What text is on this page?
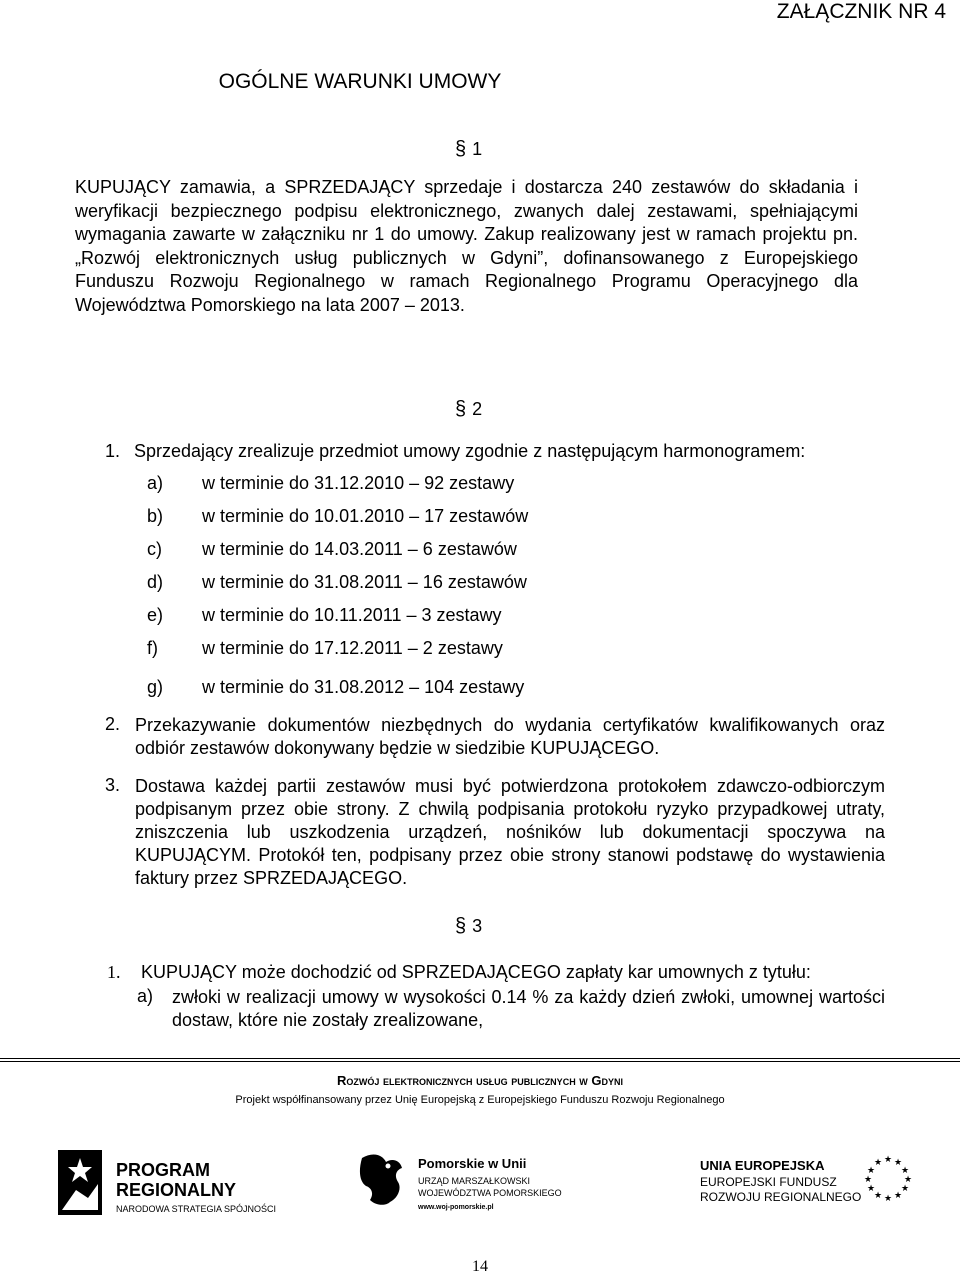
ZAŁĄCZNIK NR 4
OGÓLNE WARUNKI UMOWY
§ 1
KUPUJĄCY zamawia, a SPRZEDAJĄCY sprzedaje i dostarcza 240 zestawów do składania i weryfikacji bezpiecznego podpisu elektronicznego, zwanych dalej zestawami, spełniającymi wymagania zawarte w załączniku nr 1 do umowy. Zakup realizowany jest w ramach projektu pn. „Rozwój elektronicznych usług publicznych w Gdyni”, dofinansowanego z Europejskiego Funduszu Rozwoju Regionalnego w ramach Regionalnego Programu Operacyjnego dla Województwa Pomorskiego na lata 2007 – 2013.
§ 2
1. Sprzedający zrealizuje przedmiot umowy zgodnie z następującym harmonogramem:
a) w terminie do 31.12.2010 – 92 zestawy
b) w terminie do 10.01.2010 – 17 zestawów
c) w terminie do 14.03.2011 – 6 zestawów
d) w terminie do 31.08.2011 – 16 zestawów
e) w terminie do 10.11.2011 – 3 zestawy
f) w terminie do 17.12.2011 – 2 zestawy
g) w terminie do 31.08.2012 – 104 zestawy
2. Przekazywanie dokumentów niezbędnych do wydania certyfikatów kwalifikowanych oraz odbiór zestawów dokonywany będzie w siedzibie KUPUJĄCEGO.
3. Dostawa każdej partii zestawów musi być potwierdzona protokołem zdawczo-odbiorczym podpisanym przez obie strony. Z chwilą podpisania protokołu ryzyko przypadkowej utraty, zniszczenia lub uszkodzenia urządzeń, nośników lub dokumentacji spoczywa na KUPUJĄCYM. Protokół ten, podpisany przez obie strony stanowi podstawę do wystawienia faktury przez SPRZEDAJĄCEGO.
§ 3
1. KUPUJĄCY może dochodzić od SPRZEDAJĄCEGO zapłaty kar umownych z tytułu:
a) zwłoki w realizacji umowy w wysokości 0.14 % za każdy dzień zwłoki, umownej wartości dostaw, które nie zostały zrealizowane,
Rozwój elektronicznych usług publicznych w Gdyni
Projekt współfinansowany przez Unię Europejską z Europejskiego Funduszu Rozwoju Regionalnego
PROGRAM
REGIONALNY
NARODOWA STRATEGIA SPÓJNOŚCI
Pomorskie w Unii
URZĄD MARSZAŁKOWSKI
WOJEWÓDZTWA POMORSKIEGO
www.woj-pomorskie.pl
UNIA EUROPEJSKA
EUROPEJSKI FUNDUSZ
ROZWOJU REGIONALNEGO
★ ★
★
★
★
★
★
★
★
★
★
★
14
